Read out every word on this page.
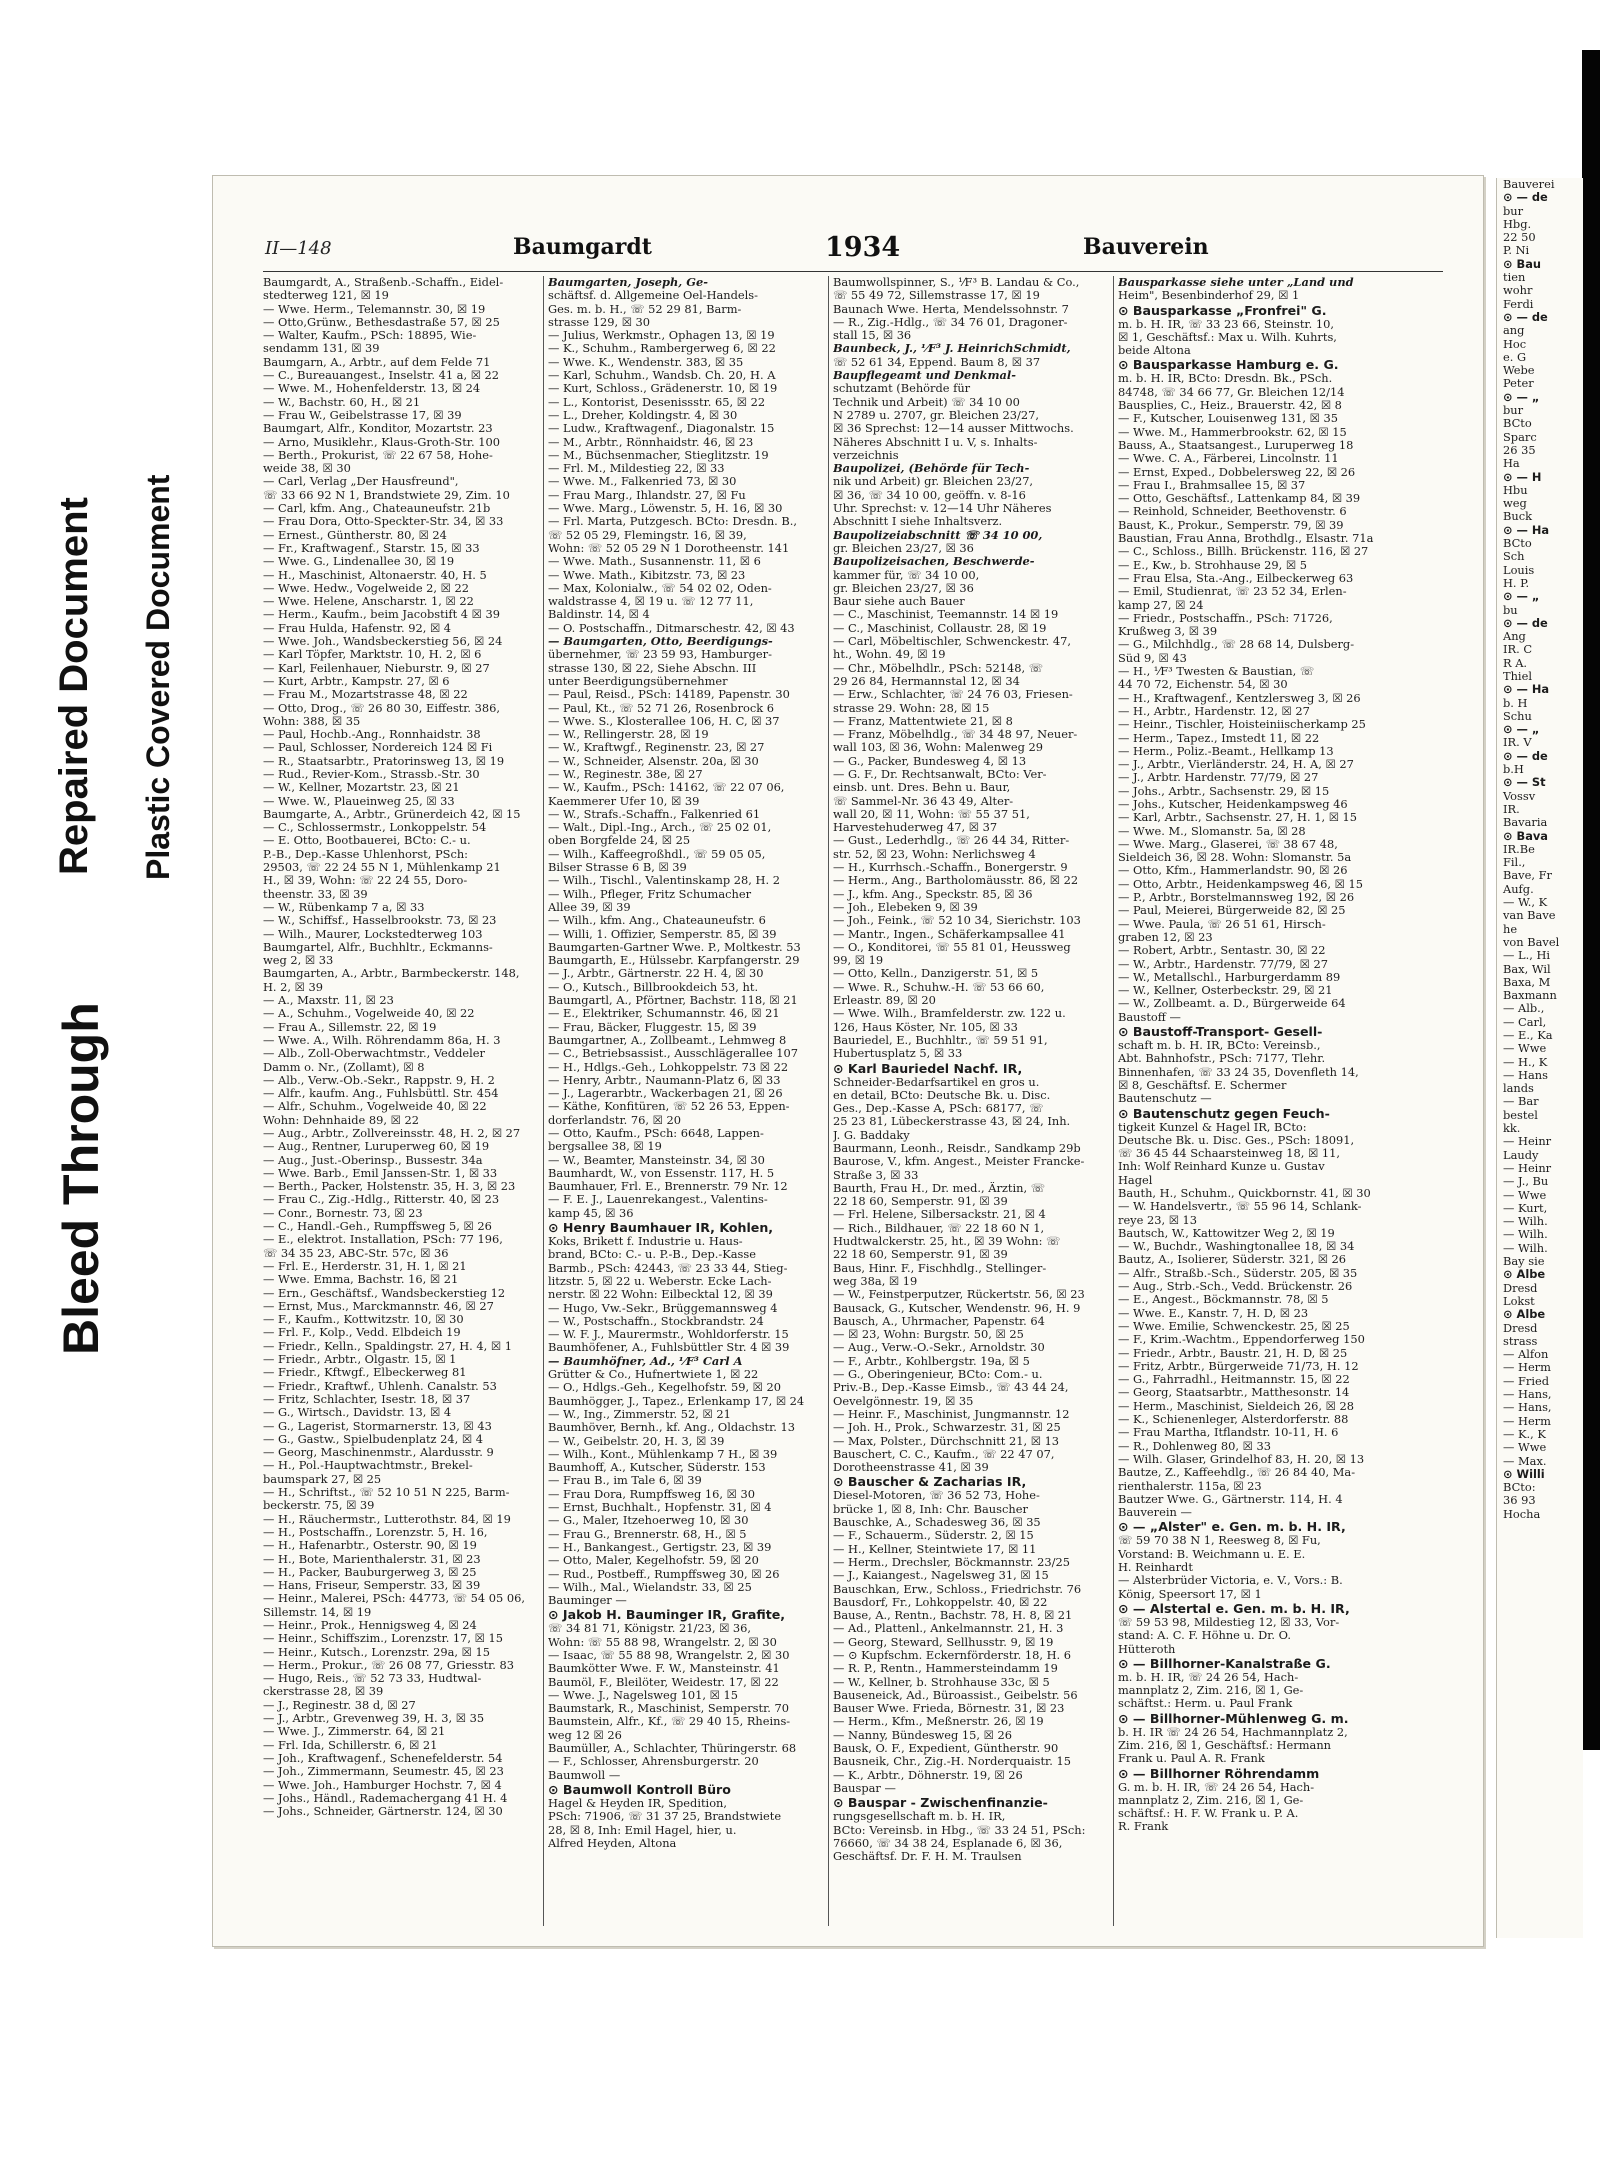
Bleed Through
Repaired Document Plastic Covered Document
II—148	Baumgardt	1934	Bauverein
Baumgardt, A., Straßenb.-Schaffn., Eidel-
stedterweg 121, ☒ 19
— Wwe. Herm., Telemannstr. 30, ☒ 19
— Otto,Grünw., Bethesdastraße 57, ☒ 25
— Walter, Kaufm., PSch: 18895, Wie-
sendamm 131, ☒ 39
Baumgarn, A., Arbtr., auf dem Felde 71
— C., Bureauangest., Inselstr. 41 a, ☒ 22
— Wwe. M., Hohenfelderstr. 13, ☒ 24
— W., Bachstr. 60, H., ☒ 21
— Frau W., Geibelstrasse 17, ☒ 39
Baumgart, Alfr., Konditor, Mozartstr. 23
— Arno, Musiklehr., Klaus-Groth-Str. 100
— Berth., Prokurist, ☏ 22 67 58, Hohe-
weide 38, ☒ 30
— Carl, Verlag „Der Hausfreund",
☏ 33 66 92 N 1, Brandstwiete 29, Zim. 10
— Carl, kfm. Ang., Chateauneufstr. 21b
— Frau Dora, Otto-Speckter-Str. 34, ☒ 33
— Ernest., Güntherstr. 80, ☒ 24
— Fr., Kraftwagenf., Starstr. 15, ☒ 33
— Wwe. G., Lindenallee 30, ☒ 19
— H., Maschinist, Altonaerstr. 40, H. 5
— Wwe. Hedw., Vogelweide 2, ☒ 22
— Wwe. Helene, Anscharstr. 1, ☒ 22
— Herm., Kaufm., beim Jacobstift 4 ☒ 39
— Frau Hulda, Hafenstr. 92, ☒ 4
— Wwe. Joh., Wandsbeckerstieg 56, ☒ 24
— Karl Töpfer, Marktstr. 10, H. 2, ☒ 6
— Karl, Feilenhauer, Nieburstr. 9, ☒ 27
— Kurt, Arbtr., Kampstr. 27, ☒ 6
— Frau M., Mozartstrasse 48, ☒ 22
— Otto, Drog., ☏ 26 80 30, Eiffestr. 386,
Wohn: 388, ☒ 35
— Paul, Hochb.-Ang., Ronnhaidstr. 38
— Paul, Schlosser, Nordereich 124 ☒ Fi
— R., Staatsarbtr., Pratorinsweg 13, ☒ 19
— Rud., Revier-Kom., Strassb.-Str. 30
— W., Kellner, Mozartstr. 23, ☒ 21
— Wwe. W., Plaueinweg 25, ☒ 33
Baumgarte, A., Arbtr., Grünerdeich 42, ☒ 15
— C., Schlossermstr., Lonkoppelstr. 54
— E. Otto, Bootbauerei, BCto: C.- u.
P.-B., Dep.-Kasse Uhlenhorst, PSch:
29503, ☏ 22 24 55 N 1, Mühlenkamp 21
H., ☒ 39, Wohn: ☏ 22 24 55, Doro-
theenstr. 33, ☒ 39
— W., Rübenkamp 7 a, ☒ 33
— W., Schiffsf., Hasselbrookstr. 73, ☒ 23
— Wilh., Maurer, Lockstedterweg 103
Baumgartel, Alfr., Buchhltr., Eckmanns-
weg 2, ☒ 33
Baumgarten, A., Arbtr., Barmbeckerstr. 148,
H. 2, ☒ 39
— A., Maxstr. 11, ☒ 23
— A., Schuhm., Vogelweide 40, ☒ 22
— Frau A., Sillemstr. 22, ☒ 19
— Wwe. A., Wilh. Röhrendamm 86a, H. 3
— Alb., Zoll-Oberwachtmstr., Veddeler
Damm o. Nr., (Zollamt), ☒ 8
— Alb., Verw.-Ob.-Sekr., Rappstr. 9, H. 2
— Alfr., kaufm. Ang., Fuhlsbüttl. Str. 454
— Alfr., Schuhm., Vogelweide 40, ☒ 22
Wohn: Dehnhaide 89, ☒ 22
— Aug., Arbtr., Zollvereinsstr. 48, H. 2, ☒ 27
— Aug., Rentner, Luruperweg 60, ☒ 19
— Aug., Just.-Oberinsp., Bussestr. 34a
— Wwe. Barb., Emil Janssen-Str. 1, ☒ 33
— Berth., Packer, Holstenstr. 35, H. 3, ☒ 23
— Frau C., Zig.-Hdlg., Ritterstr. 40, ☒ 23
— Conr., Bornestr. 73, ☒ 23
— C., Handl.-Geh., Rumpffsweg 5, ☒ 26
— E., elektrot. Installation, PSch: 77 196,
☏ 34 35 23, ABC-Str. 57c, ☒ 36
— Frl. E., Herderstr. 31, H. 1, ☒ 21
— Wwe. Emma, Bachstr. 16, ☒ 21
— Ern., Geschäftsf., Wandsbeckerstieg 12
— Ernst, Mus., Marckmannstr. 46, ☒ 27
— F., Kaufm., Kottwitzstr. 10, ☒ 30
— Frl. F., Kolp., Vedd. Elbdeich 19
— Friedr., Kelln., Spaldingstr. 27, H. 4, ☒ 1
— Friedr., Arbtr., Olgastr. 15, ☒ 1
— Friedr., Kftwgf., Elbeckerweg 81
— Friedr., Kraftwf., Uhlenh. Canalstr. 53
— Fritz, Schlachter, Isestr. 18, ☒ 37
— G., Wirtsch., Davidstr. 13, ☒ 4
— G., Lagerist, Stormarnerstr. 13, ☒ 43
— G., Gastw., Spielbudenplatz 24, ☒ 4
— Georg, Maschinenmstr., Alardusstr. 9
— H., Pol.-Hauptwachtmstr., Brekel-
baumspark 27, ☒ 25
— H., Schriftst., ☏ 52 10 51 N 225, Barm-
beckerstr. 75, ☒ 39
— H., Räuchermstr., Lutterothstr. 84, ☒ 19
— H., Postschaffn., Lorenzstr. 5, H. 16,
— H., Hafenarbtr., Osterstr. 90, ☒ 19
— H., Bote, Marienthalerstr. 31, ☒ 23
— H., Packer, Bauburgerweg 3, ☒ 25
— Hans, Friseur, Semperstr. 33, ☒ 39
— Heinr., Malerei, PSch: 44773, ☏ 54 05 06,
Sillemstr. 14, ☒ 19
— Heinr., Prok., Hennigsweg 4, ☒ 24
— Heinr., Schiffszim., Lorenzstr. 17, ☒ 15
— Heinr., Kutsch., Lorenzstr. 29a, ☒ 15
— Herm., Prokur., ☏ 26 08 77, Griesstr. 83
— Hugo, Reis., ☏ 52 73 33, Hudtwal-
ckerstrasse 28, ☒ 39
— J., Reginestr. 38 d, ☒ 27
— J., Arbtr., Grevenweg 39, H. 3, ☒ 35
— Wwe. J., Zimmerstr. 64, ☒ 21
— Frl. Ida, Schillerstr. 6, ☒ 21
— Joh., Kraftwagenf., Schenefelderstr. 54
— Joh., Zimmermann, Seumestr. 45, ☒ 23
— Wwe. Joh., Hamburger Hochstr. 7, ☒ 4
— Johs., Händl., Rademachergang 41 H. 4
— Johs., Schneider, Gärtnerstr. 124, ☒ 30
Baumgarten, Joseph, Ge-
schäftsf. d. Allgemeine Oel-Handels-
Ges. m. b. H., ☏ 52 29 81, Barm-
strasse 129, ☒ 30
— Julius, Werkmstr., Ophagen 13, ☒ 19
— K., Schuhm., Rambergerweg 6, ☒ 22
— Wwe. K., Wendenstr. 383, ☒ 35
— Karl, Schuhm., Wandsb. Ch. 20, H. A
— Kurt, Schloss., Grädenerstr. 10, ☒ 19
— L., Kontorist, Desenissstr. 65, ☒ 22
— L., Dreher, Koldingstr. 4, ☒ 30
— Ludw., Kraftwagenf., Diagonalstr. 15
— M., Arbtr., Rönnhaidstr. 46, ☒ 23
— M., Büchsenmacher, Stieglitzstr. 19
— Frl. M., Mildestieg 22, ☒ 33
— Wwe. M., Falkenried 73, ☒ 30
— Frau Marg., Ihlandstr. 27, ☒ Fu
— Wwe. Marg., Löwenstr. 5, H. 16, ☒ 30
— Frl. Marta, Putzgesch. BCto: Dresdn. B.,
☏ 52 05 29, Flemingstr. 16, ☒ 39,
Wohn: ☏ 52 05 29 N 1 Dorotheenstr. 141
— Wwe. Math., Susannenstr. 11, ☒ 6
— Wwe. Math., Kibitzstr. 73, ☒ 23
— Max, Kolonialw., ☏ 54 02 02, Oden-
waldstrasse 4, ☒ 19 u. ☏ 12 77 11,
Baldinstr. 14, ☒ 4
— O. Postschaffn., Ditmarschestr. 42, ☒ 43
— Baumgarten, Otto, Beerdigungs-
übernehmer, ☏ 23 59 93, Hamburger-
strasse 130, ☒ 22, Siehe Abschn. III
unter Beerdigungsübernehmer
— Paul, Reisd., PSch: 14189, Papenstr. 30
— Paul, Kt., ☏ 52 71 26, Rosenbrock 6
— Wwe. S., Klosterallee 106, H. C, ☒ 37
— W., Rellingerstr. 28, ☒ 19
— W., Kraftwgf., Reginenstr. 23, ☒ 27
— W., Schneider, Alsenstr. 20a, ☒ 30
— W., Reginestr. 38e, ☒ 27
— W., Kaufm., PSch: 14162, ☏ 22 07 06,
Kaemmerer Ufer 10, ☒ 39
— W., Strafs.-Schaffn., Falkenried 61
— Walt., Dipl.-Ing., Arch., ☏ 25 02 01,
oben Borgfelde 24, ☒ 25
— Wilh., Kaffeegroßhdl., ☏ 59 05 05,
Bilser Strasse 6 B, ☒ 39
— Wilh., Tischl., Valentinskamp 28, H. 2
— Wilh., Pfleger, Fritz Schumacher
Allee 39, ☒ 39
— Wilh., kfm. Ang., Chateauneufstr. 6
— Willi, 1. Offizier, Semperstr. 85, ☒ 39
Baumgarten-Gartner Wwe. P., Moltkestr. 53
Baumgarth, E., Hülssebr. Karpfangerstr. 29
— J., Arbtr., Gärtnerstr. 22 H. 4, ☒ 30
— O., Kutsch., Billbrookdeich 53, ht.
Baumgartl, A., Pförtner, Bachstr. 118, ☒ 21
— E., Elektriker, Schumannstr. 46, ☒ 21
— Frau, Bäcker, Fluggestr. 15, ☒ 39
Baumgartner, A., Zollbeamt., Lehmweg 8
— C., Betriebsassist., Ausschlägerallee 107
— H., Hdlgs.-Geh., Lohkoppelstr. 73 ☒ 22
— Henry, Arbtr., Naumann-Platz 6, ☒ 33
— J., Lagerarbtr., Wackerbagen 21, ☒ 26
— Käthe, Konfitüren, ☏ 52 26 53, Eppen-
dorferlandstr. 76, ☒ 20
— Otto, Kaufm., PSch: 6648, Lappen-
bergsallee 38, ☒ 19
— W., Beamter, Mansteinstr. 34, ☒ 30
Baumhardt, W., von Essenstr. 117, H. 5
Baumhauer, Frl. E., Brennerstr. 79 Nr. 12
— F. E. J., Lauenrekangest., Valentins-
kamp 45, ☒ 36
⊙ Henry Baumhauer IR, Kohlen,
Koks, Brikett f. Industrie u. Haus-
brand, BCto: C.- u. P.-B., Dep.-Kasse
Barmb., PSch: 42443, ☏ 23 33 44, Stieg-
litzstr. 5, ☒ 22 u. Weberstr. Ecke Lach-
nerstr. ☒ 22 Wohn: Eilbecktal 12, ☒ 39
— Hugo, Vw.-Sekr., Brüggemannsweg 4
— W., Postschaffn., Stockbrandstr. 24
— W. F. J., Maurermstr., Wohldorferstr. 15
Baumhöfener, A., Fuhlsbüttler Str. 4 ☒ 39
— Baumhöfner, Ad., ⅟F³ Carl A
Grütter & Co., Hufnertwiete 1, ☒ 22
— O., Hdlgs.-Geh., Kegelhofstr. 59, ☒ 20
Baumhögger, J., Tapez., Erlenkamp 17, ☒ 24
— W., Ing., Zimmerstr. 52, ☒ 21
Baumhöver, Bernh., kf. Ang., Oldachstr. 13
— W., Geibelstr. 20, H. 3, ☒ 39
— Wilh., Kont., Mühlenkamp 7 H., ☒ 39
Baumhoff, A., Kutscher, Süderstr. 153
— Frau B., im Tale 6, ☒ 39
— Frau Dora, Rumpffsweg 16, ☒ 30
— Ernst, Buchhalt., Hopfenstr. 31, ☒ 4
— G., Maler, Itzehoerweg 10, ☒ 30
— Frau G., Brennerstr. 68, H., ☒ 5
— H., Bankangest., Gertigstr. 23, ☒ 39
— Otto, Maler, Kegelhofstr. 59, ☒ 20
— Rud., Postbeff., Rumpffsweg 30, ☒ 26
— Wilh., Mal., Wielandstr. 33, ☒ 25
Bauminger —
⊙ Jakob H. Bauminger IR, Grafite,
☏ 34 81 71, Königstr. 21/23, ☒ 36,
Wohn: ☏ 55 88 98, Wrangelstr. 2, ☒ 30
— Isaac, ☏ 55 88 98, Wrangelstr. 2, ☒ 30
Baumkötter Wwe. F. W., Mansteinstr. 41
Baumöl, F., Bleilöter, Weidestr. 17, ☒ 22
— Wwe. J., Nagelsweg 101, ☒ 15
Baumstark, R., Maschinist, Semperstr. 70
Baumstein, Alfr., Kf., ☏ 29 40 15, Rheins-
weg 12 ☒ 26
Baumüller, A., Schlachter, Thüringerstr. 68
— F., Schlosser, Ahrensburgerstr. 20
Baumwoll —
⊙ Baumwoll Kontroll Büro
Hagel & Heyden IR, Spedition,
PSch: 71906, ☏ 31 37 25, Brandstwiete
28, ☒ 8, Inh: Emil Hagel, hier, u.
Alfred Heyden, Altona
Baumwollspinner, S., ⅟F³ B. Landau & Co.,
☏ 55 49 72, Sillemstrasse 17, ☒ 19
Baunach Wwe. Herta, Mendelssohnstr. 7
— R., Zig.-Hdlg., ☏ 34 76 01, Dragoner-
stall 15, ☒ 36
Baunbeck, J., ⅟F³ J. HeinrichSchmidt,
☏ 52 61 34, Eppend. Baum 8, ☒ 37
Baupflegeamt und Denkmal-
schutzamt (Behörde für
Technik und Arbeit) ☏ 34 10 00
N 2789 u. 2707, gr. Bleichen 23/27,
☒ 36 Sprechst: 12—14 ausser Mittwochs.
Näheres Abschnitt I u. V, s. Inhalts-
verzeichnis
Baupolizei, (Behörde für Tech-
nik und Arbeit) gr. Bleichen 23/27,
☒ 36, ☏ 34 10 00, geöffn. v. 8-16
Uhr. Sprechst: v. 12—14 Uhr Näheres
Abschnitt I siehe Inhaltsverz.
Baupolizeiabschnitt ☏ 34 10 00,
gr. Bleichen 23/27, ☒ 36
Baupolizeisachen, Beschwerde-
kammer für, ☏ 34 10 00,
gr. Bleichen 23/27, ☒ 36
Baur siehe auch Bauer
— C., Maschinist, Teemannstr. 14 ☒ 19
— C., Maschinist, Collaustr. 28, ☒ 19
— Carl, Möbeltischler, Schwenckestr. 47,
ht., Wohn. 49, ☒ 19
— Chr., Möbelhdlr., PSch: 52148, ☏
29 26 84, Hermannstal 12, ☒ 34
— Erw., Schlachter, ☏ 24 76 03, Friesen-
strasse 29. Wohn: 28, ☒ 15
— Franz, Mattentwiete 21, ☒ 8
— Franz, Möbelhdlg., ☏ 34 48 97, Neuer-
wall 103, ☒ 36, Wohn: Malenweg 29
— G., Packer, Bundesweg 4, ☒ 13
— G. F., Dr. Rechtsanwalt, BCto: Ver-
einsb. unt. Dres. Behn u. Baur,
☏ Sammel-Nr. 36 43 49, Alter-
wall 20, ☒ 11, Wohn: ☏ 55 37 51,
Harvestehuderweg 47, ☒ 37
— Gust., Lederhdlg., ☏ 26 44 34, Ritter-
str. 52, ☒ 23, Wohn: Nerlichsweg 4
— H., Kurrhsch.-Schaffn., Bonergerstr. 9
— Herm., Ang., Bartholomäusstr. 86, ☒ 22
— J., kfm. Ang., Speckstr. 85, ☒ 36
— Joh., Elebeken 9, ☒ 39
— Joh., Feink., ☏ 52 10 34, Sierichstr. 103
— Mantr., Ingen., Schäferkampsallee 41
— O., Konditorei, ☏ 55 81 01, Heussweg
99, ☒ 19
— Otto, Kelln., Danzigerstr. 51, ☒ 5
— Wwe. R., Schuhw.-H. ☏ 53 66 60,
Erleastr. 89, ☒ 20
— Wwe. Wilh., Bramfelderstr. zw. 122 u.
126, Haus Köster, Nr. 105, ☒ 33
Bauriedel, E., Buchhltr., ☏ 59 51 91,
Hubertusplatz 5, ☒ 33
⊙ Karl Bauriedel Nachf. IR,
Schneider-Bedarfsartikel en gros u.
en detail, BCto: Deutsche Bk. u. Disc.
Ges., Dep.-Kasse A, PSch: 68177, ☏
25 23 81, Lübeckerstrasse 43, ☒ 24, Inh.
J. G. Baddaky
Baurmann, Leonh., Reisdr., Sandkamp 29b
Baurose, V., kfm. Angest., Meister Francke-
Straße 3, ☒ 33
Baurth, Frau H., Dr. med., Ärztin, ☏
22 18 60, Semperstr. 91, ☒ 39
— Frl. Helene, Silbersackstr. 21, ☒ 4
— Rich., Bildhauer, ☏ 22 18 60 N 1,
Hudtwalckerstr. 25, ht., ☒ 39 Wohn: ☏
22 18 60, Semperstr. 91, ☒ 39
Baus, Hinr. F., Fischhdlg., Stellinger-
weg 38a, ☒ 19
— W., Feinstperputzer, Rückertstr. 56, ☒ 23
Bausack, G., Kutscher, Wendenstr. 96, H. 9
Bausch, A., Uhrmacher, Papenstr. 64
— ☒ 23, Wohn: Burgstr. 50, ☒ 25
— Aug., Verw.-O.-Sekr., Arnoldstr. 30
— F., Arbtr., Kohlbergstr. 19a, ☒ 5
— G., Oberingenieur, BCto: Com.- u.
Priv.-B., Dep.-Kasse Eimsb., ☏ 43 44 24,
Oevelgönnestr. 19, ☒ 35
— Heinr. F., Maschinist, Jungmannstr. 12
— Joh. H., Prok., Schwarzestr. 31, ☒ 25
— Max, Polster., Dürchschnitt 21, ☒ 13
Bauschert, C. C., Kaufm., ☏ 22 47 07,
Dorotheenstrasse 41, ☒ 39
⊙ Bauscher & Zacharias IR,
Diesel-Motoren, ☏ 36 52 73, Hohe-
brücke 1, ☒ 8, Inh: Chr. Bauscher
Bauschke, A., Schadesweg 36, ☒ 35
— F., Schauerm., Süderstr. 2, ☒ 15
— H., Kellner, Steintwiete 17, ☒ 11
— Herm., Drechsler, Böckmannstr. 23/25
— J., Kaiangest., Nagelsweg 31, ☒ 15
Bauschkan, Erw., Schloss., Friedrichstr. 76
Bausdorf, Fr., Lohkoppelstr. 40, ☒ 22
Bause, A., Rentn., Bachstr. 78, H. 8, ☒ 21
— Ad., Plattenl., Ankelmannstr. 21, H. 3
— Georg, Steward, Sellhusstr. 9, ☒ 19
— ⊙ Kupfschm. Eckernförderstr. 18, H. 6
— R. P., Rentn., Hammersteindamm 19
— W., Kellner, b. Strohhause 33c, ☒ 5
Bauseneick, Ad., Büroassist., Geibelstr. 56
Bauser Wwe. Frieda, Börnestr. 31, ☒ 23
— Herm., Kfm., Meßnerstr. 26, ☒ 19
— Nanny, Bündesweg 15, ☒ 26
Bausk, O. F., Expedient, Güntherstr. 90
Bausneik, Chr., Zig.-H. Norderquaistr. 15
— K., Arbtr., Döhnerstr. 19, ☒ 26
Bauspar —
⊙ Bauspar - Zwischenfinanzie-
rungsgesellschaft m. b. H. IR,
BCto: Vereinsb. in Hbg., ☏ 33 24 51, PSch:
76660, ☏ 34 38 24, Esplanade 6, ☒ 36,
Geschäftsf. Dr. F. H. M. Traulsen
Bausparkasse siehe unter „Land und
Heim", Besenbinderhof 29, ☒ 1
⊙ Bausparkasse „Fronfrei" G.
m. b. H. IR, ☏ 33 23 66, Steinstr. 10,
☒ 1, Geschäftsf.: Max u. Wilh. Kuhrts,
beide Altona
⊙ Bausparkasse Hamburg e. G.
m. b. H. IR, BCto: Dresdn. Bk., PSch.
84748, ☏ 34 66 77, Gr. Bleichen 12/14
Bausplies, C., Heiz., Brauerstr. 42, ☒ 8
— F., Kutscher, Louisenweg 131, ☒ 35
— Wwe. M., Hammerbrookstr. 62, ☒ 15
Bauss, A., Staatsangest., Luruperweg 18
— Wwe. C. A., Färberei, Lincolnstr. 11
— Ernst, Exped., Dobbelersweg 22, ☒ 26
— Frau I., Brahmsallee 15, ☒ 37
— Otto, Geschäftsf., Lattenkamp 84, ☒ 39
— Reinhold, Schneider, Beethovenstr. 6
Baust, K., Prokur., Semperstr. 79, ☒ 39
Baustian, Frau Anna, Brothdlg., Elsastr. 71a
— C., Schloss., Billh. Brückenstr. 116, ☒ 27
— E., Kw., b. Strohhause 29, ☒ 5
— Frau Elsa, Sta.-Ang., Eilbeckerweg 63
— Emil, Studienrat, ☏ 23 52 34, Erlen-
kamp 27, ☒ 24
— Friedr., Postschaffn., PSch: 71726,
Krußweg 3, ☒ 39
— G., Milchhdlg., ☏ 28 68 14, Dulsberg-
Süd 9, ☒ 43
— H., ⅟F³ Twesten & Baustian, ☏
44 70 72, Eichenstr. 54, ☒ 30
— H., Kraftwagenf., Kentzlersweg 3, ☒ 26
— H., Arbtr., Hardenstr. 12, ☒ 27
— Heinr., Tischler, Hoisteiniischerkamp 25
— Herm., Tapez., Imstedt 11, ☒ 22
— Herm., Poliz.-Beamt., Hellkamp 13
— J., Arbtr., Vierländerstr. 24, H. A, ☒ 27
— J., Arbtr. Hardenstr. 77/79, ☒ 27
— Johs., Arbtr., Sachsenstr. 29, ☒ 15
— Johs., Kutscher, Heidenkampsweg 46
— Karl, Arbtr., Sachsenstr. 27, H. 1, ☒ 15
— Wwe. M., Slomanstr. 5a, ☒ 28
— Wwe. Marg., Glaserei, ☏ 38 67 48,
Sieldeich 36, ☒ 28. Wohn: Slomanstr. 5a
— Otto, Kfm., Hammerlandstr. 90, ☒ 26
— Otto, Arbtr., Heidenkampsweg 46, ☒ 15
— P., Arbtr., Borstelmannsweg 192, ☒ 26
— Paul, Meierei, Bürgerweide 82, ☒ 25
— Wwe. Paula, ☏ 26 51 61, Hirsch-
graben 12, ☒ 23
— Robert, Arbtr., Sentastr. 30, ☒ 22
— W., Arbtr., Hardenstr. 77/79, ☒ 27
— W., Metallschl., Harburgerdamm 89
— W., Kellner, Osterbeckstr. 29, ☒ 21
— W., Zollbeamt. a. D., Bürgerweide 64
Baustoff —
⊙ Baustoff-Transport- Gesell-
schaft m. b. H. IR, BCto: Vereinsb.,
Abt. Bahnhofstr., PSch: 7177, Tlehr.
Binnenhafen, ☏ 33 24 35, Dovenfleth 14,
☒ 8, Geschäftsf. E. Schermer
Bautenschutz —
⊙ Bautenschutz gegen Feuch-
tigkeit Kunzel & Hagel IR, BCto:
Deutsche Bk. u. Disc. Ges., PSch: 18091,
☏ 36 45 44 Schaarsteinweg 18, ☒ 11,
Inh: Wolf Reinhard Kunze u. Gustav
Hagel
Bauth, H., Schuhm., Quickbornstr. 41, ☒ 30
— W. Handelsvertr., ☏ 55 96 14, Schlank-
reye 23, ☒ 13
Bautsch, W., Kattowitzer Weg 2, ☒ 19
— W., Buchdr., Washingtonallee 18, ☒ 34
Bautz, A., Isolierer, Süderstr. 321, ☒ 26
— Alfr., Straßb.-Sch., Süderstr. 205, ☒ 35
— Aug., Strb.-Sch., Vedd. Brückenstr. 26
— E., Angest., Böckmannstr. 78, ☒ 5
— Wwe. E., Kanstr. 7, H. D, ☒ 23
— Wwe. Emilie, Schwenckestr. 25, ☒ 25
— F., Krim.-Wachtm., Eppendorferweg 150
— Friedr., Arbtr., Baustr. 21, H. D, ☒ 25
— Fritz, Arbtr., Bürgerweide 71/73, H. 12
— G., Fahrradhl., Heitmannstr. 15, ☒ 22
— Georg, Staatsarbtr., Matthesonstr. 14
— Herm., Maschinist, Sieldeich 26, ☒ 28
— K., Schienenleger, Alsterdorferstr. 88
— Frau Martha, Itflandstr. 10-11, H. 6
— R., Dohlenweg 80, ☒ 33
— Wilh. Glaser, Grindelhof 83, H. 20, ☒ 13
Bautze, Z., Kaffeehdlg., ☏ 26 84 40, Ma-
rienthalerstr. 115a, ☒ 23
Bautzer Wwe. G., Gärtnerstr. 114, H. 4
Bauverein —
⊙ — „Alster" e. Gen. m. b. H. IR,
☏ 59 70 38 N 1, Reesweg 8, ☒ Fu,
Vorstand: B. Weichmann u. E. E.
H. Reinhardt
— Alsterbrüder Victoria, e. V., Vors.: B.
König, Speersort 17, ☒ 1
⊙ — Alstertal e. Gen. m. b. H. IR,
☏ 59 53 98, Mildestieg 12, ☒ 33, Vor-
stand: A. C. F. Höhne u. Dr. O.
Hütteroth
⊙ — Billhorner-Kanalstraße G.
m. b. H. IR, ☏ 24 26 54, Hach-
mannplatz 2, Zim. 216, ☒ 1, Ge-
schäftst.: Herm. u. Paul Frank
⊙ — Billhorner-Mühlenweg G. m.
b. H. IR ☏ 24 26 54, Hachmannplatz 2,
Zim. 216, ☒ 1, Geschäftsf.: Hermann
Frank u. Paul A. R. Frank
⊙ — Billhorner Röhrendamm
G. m. b. H. IR, ☏ 24 26 54, Hach-
mannplatz 2, Zim. 216, ☒ 1, Ge-
schäftsf.: H. F. W. Frank u. P. A.
R. Frank
Bauverei
⊙ — de
bur
Hbg.
22 50
P. Ni
⊙ Bau
tien
wohr
Ferdi
⊙ — de
ang
Hoc
e. G
Webe
Peter
⊙ — „
bur
BCto
Sparc
26 35
Ha
⊙ — H
Hbu
weg
Buck
⊙ — Ha
BCto
Sch
Louis
H. P.
⊙ — „
bu
⊙ — de
Ang
IR. C
R A.
Thiel
⊙ — Ha
b. H
Schu
⊙ — „
IR. V
⊙ — de
b.H
⊙ — St
Vossv
IR.
Bavaria
⊙ Bava
IR.Be
Fil.,
Bave, Fr
Aufg.
— W., K
van Bave
he
von Bavel
— L., Hi
Bax, Wil
Baxa, M
Baxmann
— Alb.,
— Carl,
— E., Ka
— Wwe
— H., K
— Hans
lands
— Bar
bestel
kk.
— Heinr
Laudy
— Heinr
— J., Bu
— Wwe
— Kurt,
— Wilh.
— Wilh.
— Wilh.
Bay sie
⊙ Albe
Dresd
Lokst
⊙ Albe
Dresd
strass
— Alfon
— Herm
— Fried
— Hans,
— Hans,
— Herm
— K., K
— Wwe
— Max.
⊙ Willi
BCto:
36 93
Hocha
